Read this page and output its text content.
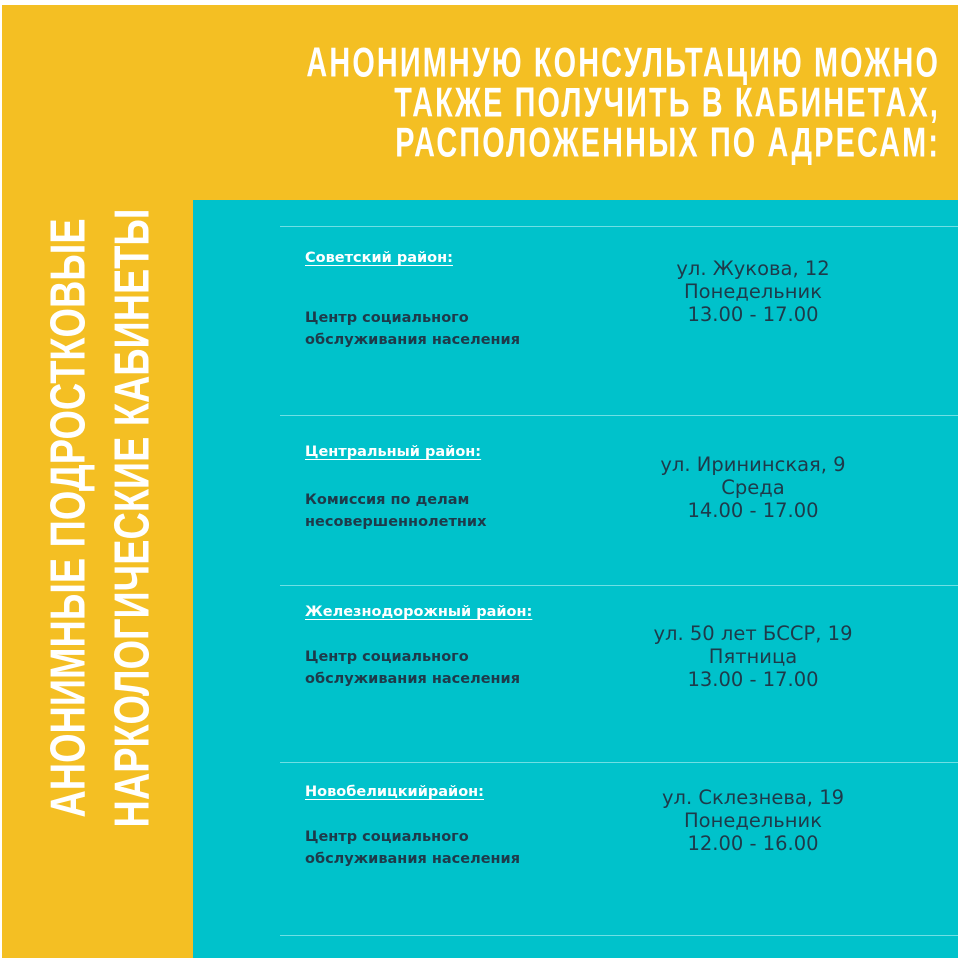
АНОНИМНЫЕ ПОДРОСТКОВЫЕ НАРКОЛОГИЧЕСКИЕ КАБИНЕТЫ
АНОНИМНУЮ КОНСУЛЬТАЦИЮ МОЖНО
ТАКЖЕ ПОЛУЧИТЬ В КАБИНЕТАХ,
РАСПОЛОЖЕННЫХ ПО АДРЕСАМ:
Советский район:
Центр социального обслуживания населения
ул. Жукова, 12
Понедельник
13.00 - 17.00
Центральный район:
Комиссия по делам несовершеннолетних
ул. Ирининская, 9
Среда
14.00 - 17.00
Железнодорожный район:
Центр социального обслуживания населения
ул. 50 лет БССР, 19
Пятница
13.00 - 17.00
Новобелицкийрайон:
Центр социального обслуживания населения
ул. Склезнева, 19
Понедельник
12.00 - 16.00
